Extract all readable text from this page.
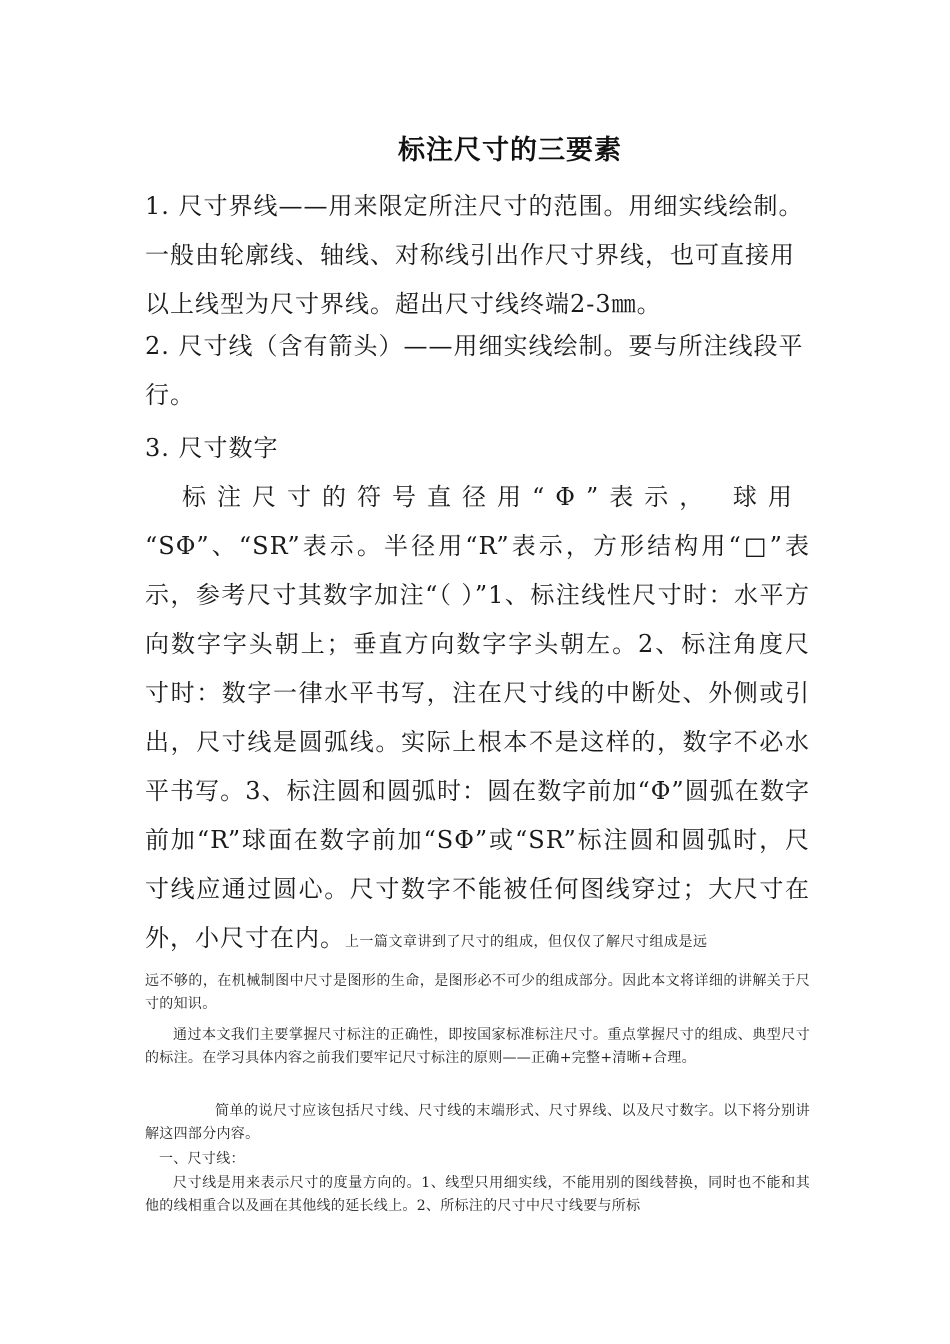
标注尺寸的三要素

1. 尺寸界线——用来限定所注尺寸的范围。用细实线绘制。一般由轮廓线、轴线、对称线引出作尺寸界线，也可直接用以上线型为尺寸界线。超出尺寸线终端2-3㎜。

2. 尺寸线（含有箭头）——用细实线绘制。要与所注线段平行。

3. 尺寸数字

标注尺寸的符号直径用“Φ”表示， 球用

“SΦ”、“SR”表示。半径用“R”表示，方形结构用“□”表示，参考尺寸其数字加注“（ ）”1、标注线性尺寸时：水平方向数字字头朝上；垂直方向数字字头朝左。2、标注角度尺寸时：数字一律水平书写，注在尺寸线的中断处、外侧或引出，尺寸线是圆弧线。实际上根本不是这样的，数字不必水平书写。3、标注圆和圆弧时：圆在数字前加“Φ”圆弧在数字前加“R”球面在数字前加“SΦ”或“SR”标注圆和圆弧时，尺寸线应通过圆心。尺寸数字不能被任何图线穿过；大尺寸在外，小尺寸在内。上一篇文章讲到了尺寸的组成，但仅仅了解尺寸组成是远

远不够的，在机械制图中尺寸是图形的生命，是图形必不可少的组成部分。因此本文将详细的讲解关于尺寸的知识。
通过本文我们主要掌握尺寸标注的正确性，即按国家标准标注尺寸。重点掌握尺寸的组成、典型尺寸的标注。在学习具体内容之前我们要牢记尺寸标注的原则——正确+完整+清晰+合理。
简单的说尺寸应该包括尺寸线、尺寸线的末端形式、尺寸界线、以及尺寸数字。以下将分别讲解这四部分内容。
一、尺寸线：
尺寸线是用来表示尺寸的度量方向的。1、线型只用细实线，不能用别的图线替换，同时也不能和其他的线相重合以及画在其他线的延长线上。2、所标注的尺寸中尺寸线要与所标
